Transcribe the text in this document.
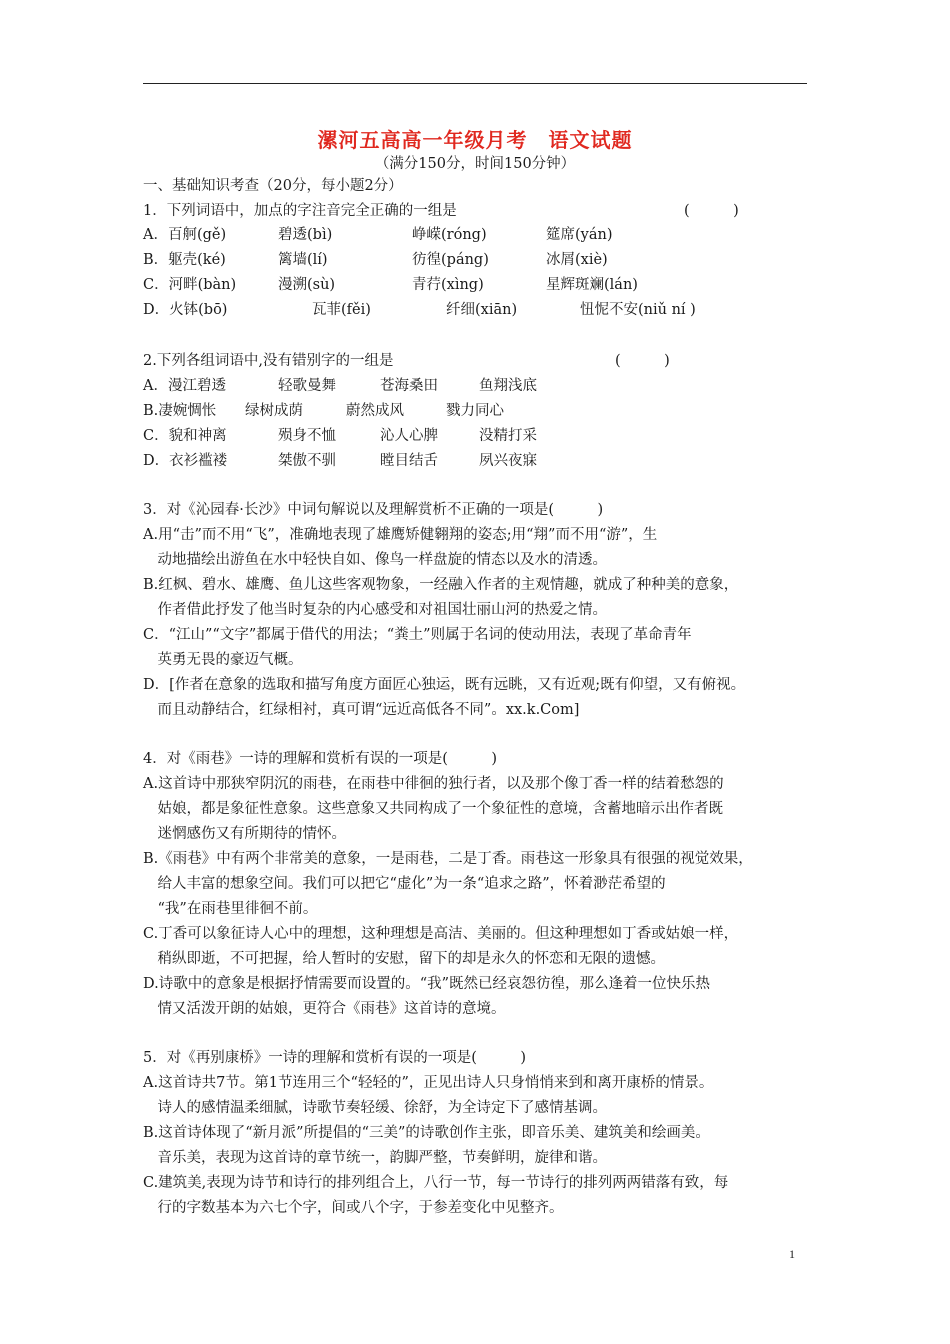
漯河五高高一年级月考　语文试题
（满分150分，时间150分钟）
一、基础知识考查（20分，每小题2分）
1．下列词语中，加点的字注音完全正确的一组是	(　　　)
A．百舸(gě)	碧透(bì)	峥嵘(róng)	筵席(yán)
B．躯壳(ké)	篱墙(lí)	彷徨(páng)	冰屑(xiè)
C．河畔(bàn)	漫溯(sù)	青荇(xìng)	星辉斑斓(lán)
D．火钵(bō)	瓦菲(fěi)	纤细(xiān)	忸怩不安(niǔ ní )
2.下列各组词语中,没有错别字的一组是	(　　　)
A．漫江碧透	轻歌曼舞	苍海桑田	鱼翔浅底
B.凄婉惆怅 绿树成荫	蔚然成风	戮力同心
C．貌和神离	殒身不恤	沁人心脾	没精打采
D．衣衫褴褛	桀傲不驯	瞠目结舌	夙兴夜寐
3．对《沁园春·长沙》中词句解说以及理解赏析不正确的一项是(　　　)
A.用“击”而不用“飞”，准确地表现了雄鹰矫健翱翔的姿态;用“翔”而不用“游”，生
　动地描绘出游鱼在水中轻快自如、像鸟一样盘旋的情态以及水的清透。
B.红枫、碧水、雄鹰、鱼儿这些客观物象，一经融入作者的主观情趣，就成了种种美的意象，
　作者借此抒发了他当时复杂的内心感受和对祖国壮丽山河的热爱之情。
C．“江山”“文字”都属于借代的用法；“粪土”则属于名词的使动用法，表现了革命青年
　英勇无畏的豪迈气概。
D．[作者在意象的选取和描写角度方面匠心独运，既有远眺，又有近观;既有仰望，又有俯视。
　而且动静结合，红绿相衬，真可谓“远近高低各不同”。xx.k.Com]
4．对《雨巷》一诗的理解和赏析有误的一项是(　　　)
A.这首诗中那狭窄阴沉的雨巷，在雨巷中徘徊的独行者，以及那个像丁香一样的结着愁怨的
　姑娘，都是象征性意象。这些意象又共同构成了一个象征性的意境，含蓄地暗示出作者既
　迷惘感伤又有所期待的情怀。
B.《雨巷》中有两个非常美的意象，一是雨巷，二是丁香。雨巷这一形象具有很强的视觉效果，
　给人丰富的想象空间。我们可以把它“虚化”为一条“追求之路”，怀着渺茫希望的
　“我”在雨巷里徘徊不前。
C.丁香可以象征诗人心中的理想，这种理想是高洁、美丽的。但这种理想如丁香或姑娘一样，
　稍纵即逝，不可把握，给人暂时的安慰，留下的却是永久的怀恋和无限的遗憾。
D.诗歌中的意象是根据抒情需要而设置的。“我”既然已经哀怨彷徨，那么逢着一位快乐热
　情又活泼开朗的姑娘，更符合《雨巷》这首诗的意境。
5．对《再别康桥》一诗的理解和赏析有误的一项是(　　　)
A.这首诗共7节。第1节连用三个“轻轻的”，正见出诗人只身悄悄来到和离开康桥的情景。
　诗人的感情温柔细腻，诗歌节奏轻缓、徐舒，为全诗定下了感情基调。
B.这首诗体现了“新月派”所提倡的“三美”的诗歌创作主张，即音乐美、建筑美和绘画美。
　音乐美，表现为这首诗的章节统一，韵脚严整，节奏鲜明，旋律和谐。
C.建筑美,表现为诗节和诗行的排列组合上，八行一节，每一节诗行的排列两两错落有致，每
　行的字数基本为六七个字，间或八个字，于参差变化中见整齐。
1
